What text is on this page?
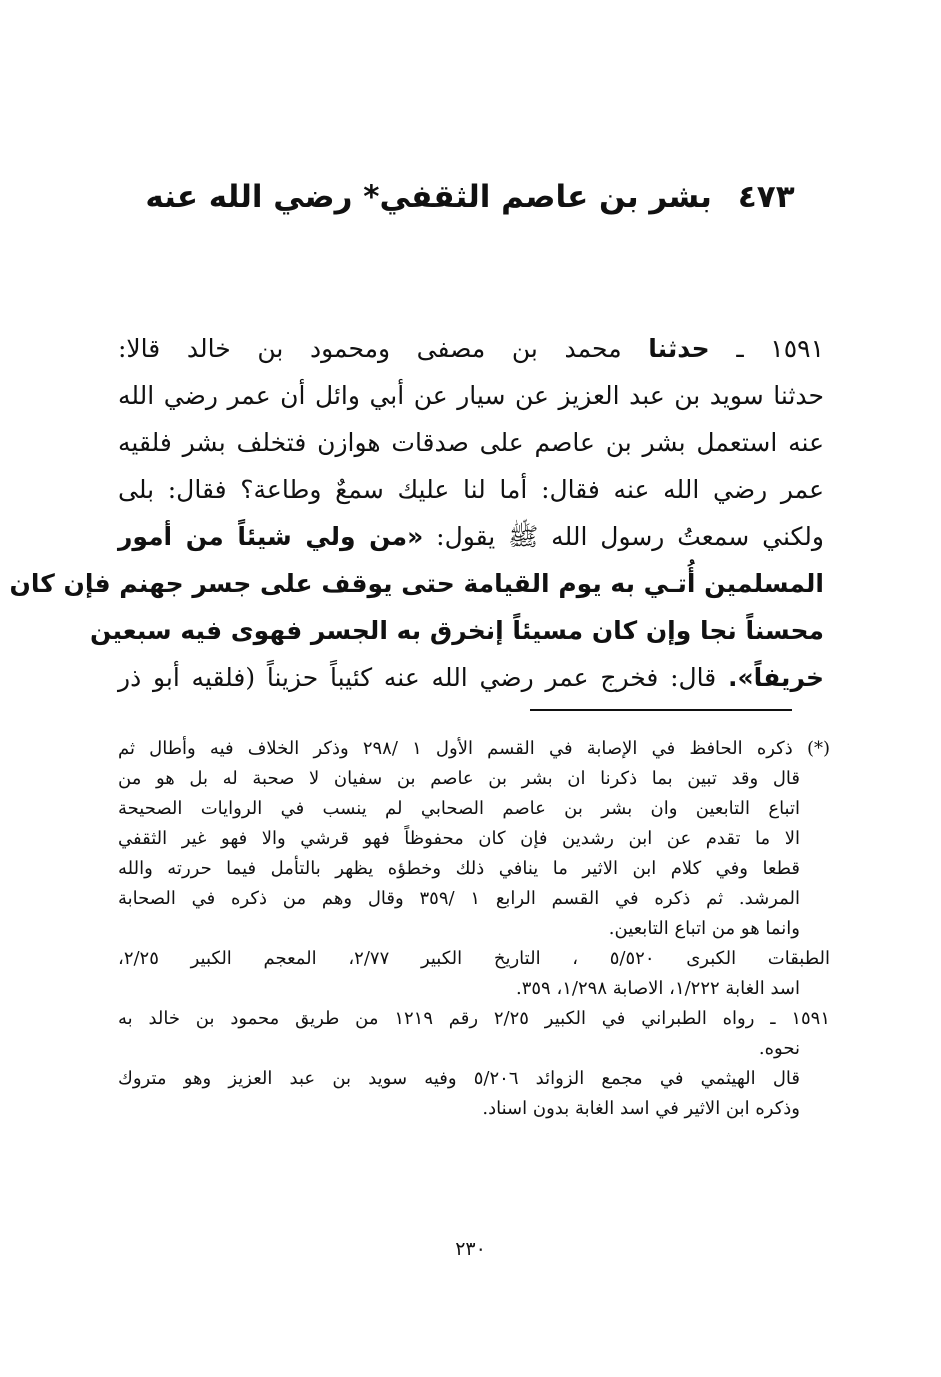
٤٧٣بشر بن عاصم الثقفي* رضي الله عنه
١٥٩١ ـ حدثنا محمد بن مصفى ومحمود بن خالد قالا:
حدثنا سويد بن عبد العزيز عن سيار عن أبي وائل أن عمر رضي الله
عنه استعمل بشر بن عاصم على صدقات هوازن فتخلف بشر فلقيه
عمر رضي الله عنه فقال: أما لنا عليك سمعٌ وطاعة؟ فقال: بلى
ولكني سمعتُ رسول الله ﷺ يقول: «من ولي شيئاً من أمور
المسلمين أُتـي به يوم القيامة حتى يوقف على جسر جهنم فإن كان
محسناً نجا وإن كان مسيئاً إنخرق به الجسر فهوى فيه سبعين
خريفاً». قال: فخرج عمر رضي الله عنه كئيباً حزيناً (فلقيه أبو ذر
(*) ذكره الحافظ في الإصابة في القسم الأول ١ /٢٩٨ وذكر الخلاف فيه وأطال ثم
قال وقد تبين بما ذكرنا ان بشر بن عاصم بن سفيان لا صحبة له بل هو من
اتباع التابعين وان بشر بن عاصم الصحابي لم ينسب في الروايات الصحيحة
الا ما تقدم عن ابن رشدين فإن كان محفوظاً فهو قرشي والا فهو غير الثقفي
قطعا وفي كلام ابن الاثير ما ينافي ذلك وخطؤه يظهر بالتأمل فيما حررته والله
المرشد. ثم ذكره في القسم الرابع ١ /٣٥٩ وقال وهم من ذكره في الصحابة
وانما هو من اتباع التابعين.
الطبقات الكبرى ٥/٥٢٠ ، التاريخ الكبير ٢/٧٧، المعجم الكبير ٢/٢٥،
اسد الغابة ١/٢٢٢، الاصابة ١/٢٩٨، ٣٥٩.
١٥٩١ ـ رواه الطبراني في الكبير ٢/٢٥ رقم ١٢١٩ من طريق محمود بن خالد به
نحوه.
قال الهيثمي في مجمع الزوائد ٥/٢٠٦ وفيه سويد بن عبد العزيز وهو متروك
وذكره ابن الاثير في اسد الغابة بدون اسناد.
٢٣٠
